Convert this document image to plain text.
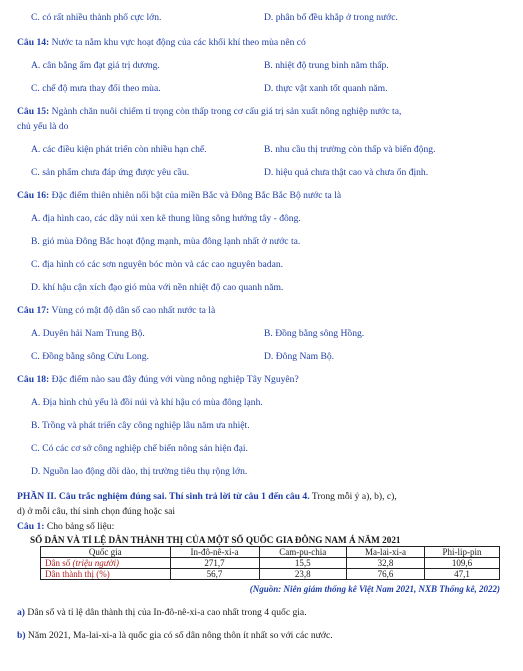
C. có rất nhiều thành phố cực lớn.	D. phân bố đều khắp ở trong nước.
Câu 14: Nước ta nằm khu vực hoạt động của các khối khí theo mùa nên có
A. cân bằng ẩm đạt giá trị dương.	B. nhiệt độ trung bình năm thấp.
C. chế độ mưa thay đổi theo mùa.	D. thực vật xanh tốt quanh năm.
Câu 15: Ngành chăn nuôi chiếm tỉ trọng còn thấp trong cơ cấu giá trị sản xuất nông nghiệp nước ta,
chủ yếu là do
A. các điều kiện phát triển còn nhiều hạn chế.	B. nhu cầu thị trường còn thấp và biến động.
C. sản phẩm chưa đáp ứng được yêu cầu.	D. hiệu quả chưa thật cao và chưa ổn định.
Câu 16: Đặc điểm thiên nhiên nổi bật của miền Bắc và Đông Bắc Bắc Bộ nước ta là
A. địa hình cao, các dãy núi xen kẽ thung lũng sông hướng tây - đông.
B. gió mùa Đông Bắc hoạt động mạnh, mùa đông lạnh nhất ở nước ta.
C. địa hình có các sơn nguyên bóc mòn và các cao nguyên badan.
D. khí hậu cận xích đạo gió mùa với nền nhiệt độ cao quanh năm.
Câu 17: Vùng có mật độ dân số cao nhất nước ta là
A. Duyên hải Nam Trung Bộ.	B. Đồng bằng sông Hồng.
C. Đồng bằng sông Cửu Long.	D. Đông Nam Bộ.
Câu 18: Đặc điểm nào sau đây đúng với vùng nông nghiệp Tây Nguyên?
A. Địa hình chủ yếu là đồi núi và khí hậu có mùa đông lạnh.
B. Trồng và phát triển cây công nghiệp lâu năm ưa nhiệt.
C. Có các cơ sở công nghiệp chế biến nông sản hiện đại.
D. Nguồn lao động dồi dào, thị trường tiêu thụ rộng lớn.
PHẦN II. Câu trắc nghiệm đúng sai. Thí sinh trả lời từ câu 1 đến câu 4. Trong mỗi ý a), b), c),
d) ở mỗi câu, thí sinh chọn đúng hoặc sai
Câu 1: Cho bảng số liệu:
SỐ DÂN VÀ TỈ LỆ DÂN THÀNH THỊ CỦA MỘT SỐ QUỐC GIA ĐÔNG NAM Á NĂM 2021
Quốc gia	In-đô-nê-xi-a	Cam-pu-chia	Ma-lai-xi-a	Phi-lip-pin
Dân số (triệu người)	271,7	15,5	32,8	109,6
Dân thành thị (%)	56,7	23,8	76,6	47,1
(Nguồn: Niên giám thống kê Việt Nam 2021, NXB Thống kê, 2022)
a) Dân số và tỉ lệ dân thành thị của In-đô-nê-xi-a cao nhất trong 4 quốc gia.
b) Năm 2021, Ma-lai-xi-a là quốc gia có số dân nông thôn ít nhất so với các nước.
